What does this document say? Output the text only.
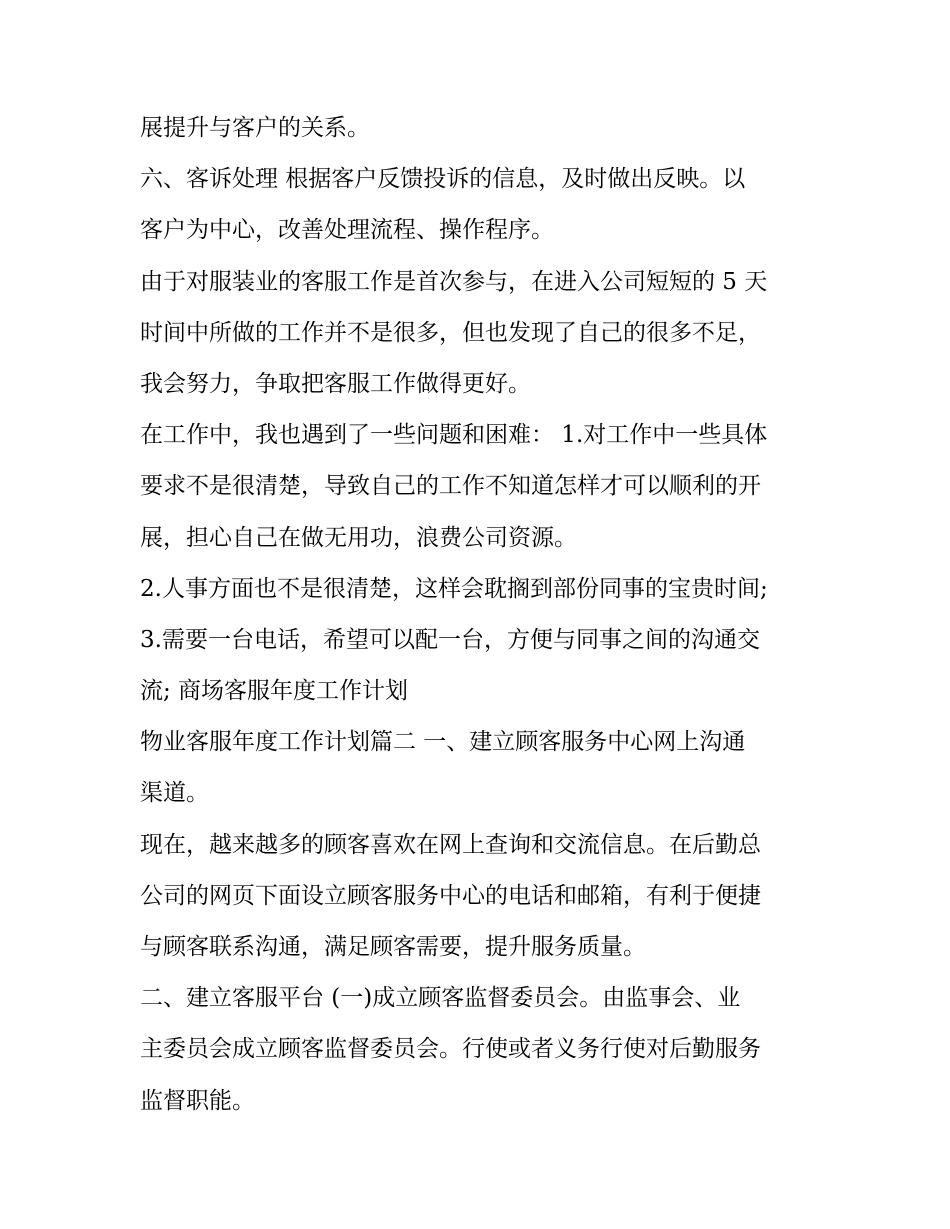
展提升与客户的关系。
六、客诉处理 根据客户反馈投诉的信息，及时做出反映。以
客户为中心，改善处理流程、操作程序。
由于对服装业的客服工作是首次参与，在进入公司短短的 5 天
时间中所做的工作并不是很多，但也发现了自己的很多不足，
我会努力，争取把客服工作做得更好。
在工作中，我也遇到了一些问题和困难： 1.对工作中一些具体
要求不是很清楚，导致自己的工作不知道怎样才可以顺利的开
展，担心自己在做无用功，浪费公司资源。
2.人事方面也不是很清楚，这样会耽搁到部份同事的宝贵时间;
3.需要一台电话，希望可以配一台，方便与同事之间的沟通交
流; 商场客服年度工作计划
物业客服年度工作计划篇二 一、建立顾客服务中心网上沟通
渠道。
现在，越来越多的顾客喜欢在网上查询和交流信息。在后勤总
公司的网页下面设立顾客服务中心的电话和邮箱，有利于便捷
与顾客联系沟通，满足顾客需要，提升服务质量。
二、建立客服平台 (一)成立顾客监督委员会。由监事会、业
主委员会成立顾客监督委员会。行使或者义务行使对后勤服务
监督职能。
